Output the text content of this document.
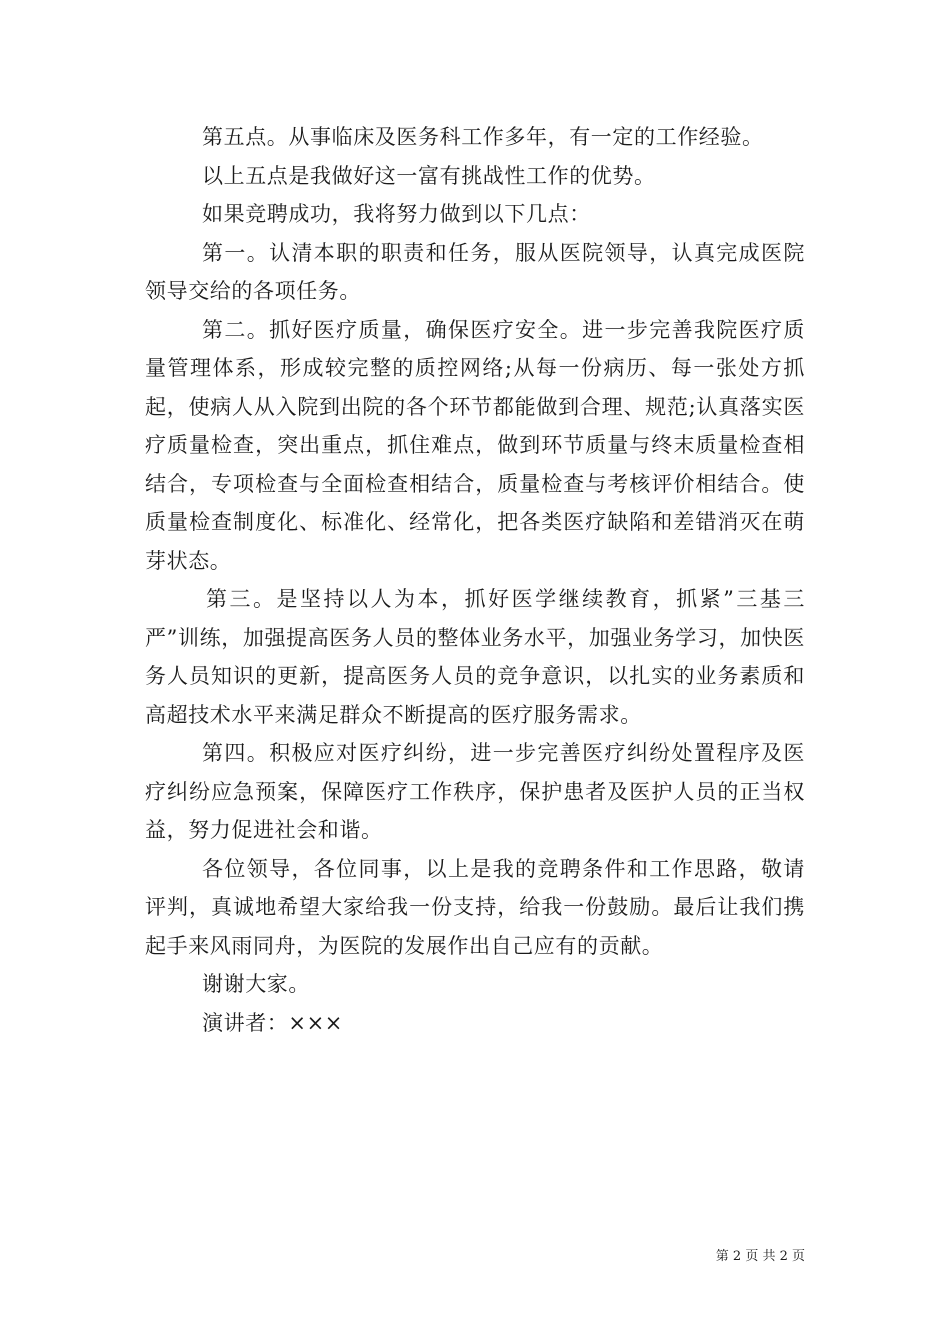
第五点。从事临床及医务科工作多年，有一定的工作经验。

以上五点是我做好这一富有挑战性工作的优势。

如果竞聘成功，我将努力做到以下几点：

第一。认清本职的职责和任务，服从医院领导，认真完成医院领导交给的各项任务。

第二。抓好医疗质量，确保医疗安全。进一步完善我院医疗质量管理体系，形成较完整的质控网络;从每一份病历、每一张处方抓起，使病人从入院到出院的各个环节都能做到合理、规范;认真落实医疗质量检查，突出重点，抓住难点，做到环节质量与终末质量检查相结合，专项检查与全面检查相结合，质量检查与考核评价相结合。使质量检查制度化、标准化、经常化，把各类医疗缺陷和差错消灭在萌芽状态。

第三。是坚持以人为本，抓好医学继续教育，抓紧”三基三严”训练，加强提高医务人员的整体业务水平，加强业务学习，加快医务人员知识的更新，提高医务人员的竞争意识，以扎实的业务素质和高超技术水平来满足群众不断提高的医疗服务需求。

第四。积极应对医疗纠纷，进一步完善医疗纠纷处置程序及医疗纠纷应急预案，保障医疗工作秩序，保护患者及医护人员的正当权益，努力促进社会和谐。

各位领导，各位同事，以上是我的竞聘条件和工作思路，敬请评判，真诚地希望大家给我一份支持，给我一份鼓励。最后让我们携起手来风雨同舟，为医院的发展作出自己应有的贡献。

谢谢大家。

演讲者：×××

第 2 页 共 2 页
